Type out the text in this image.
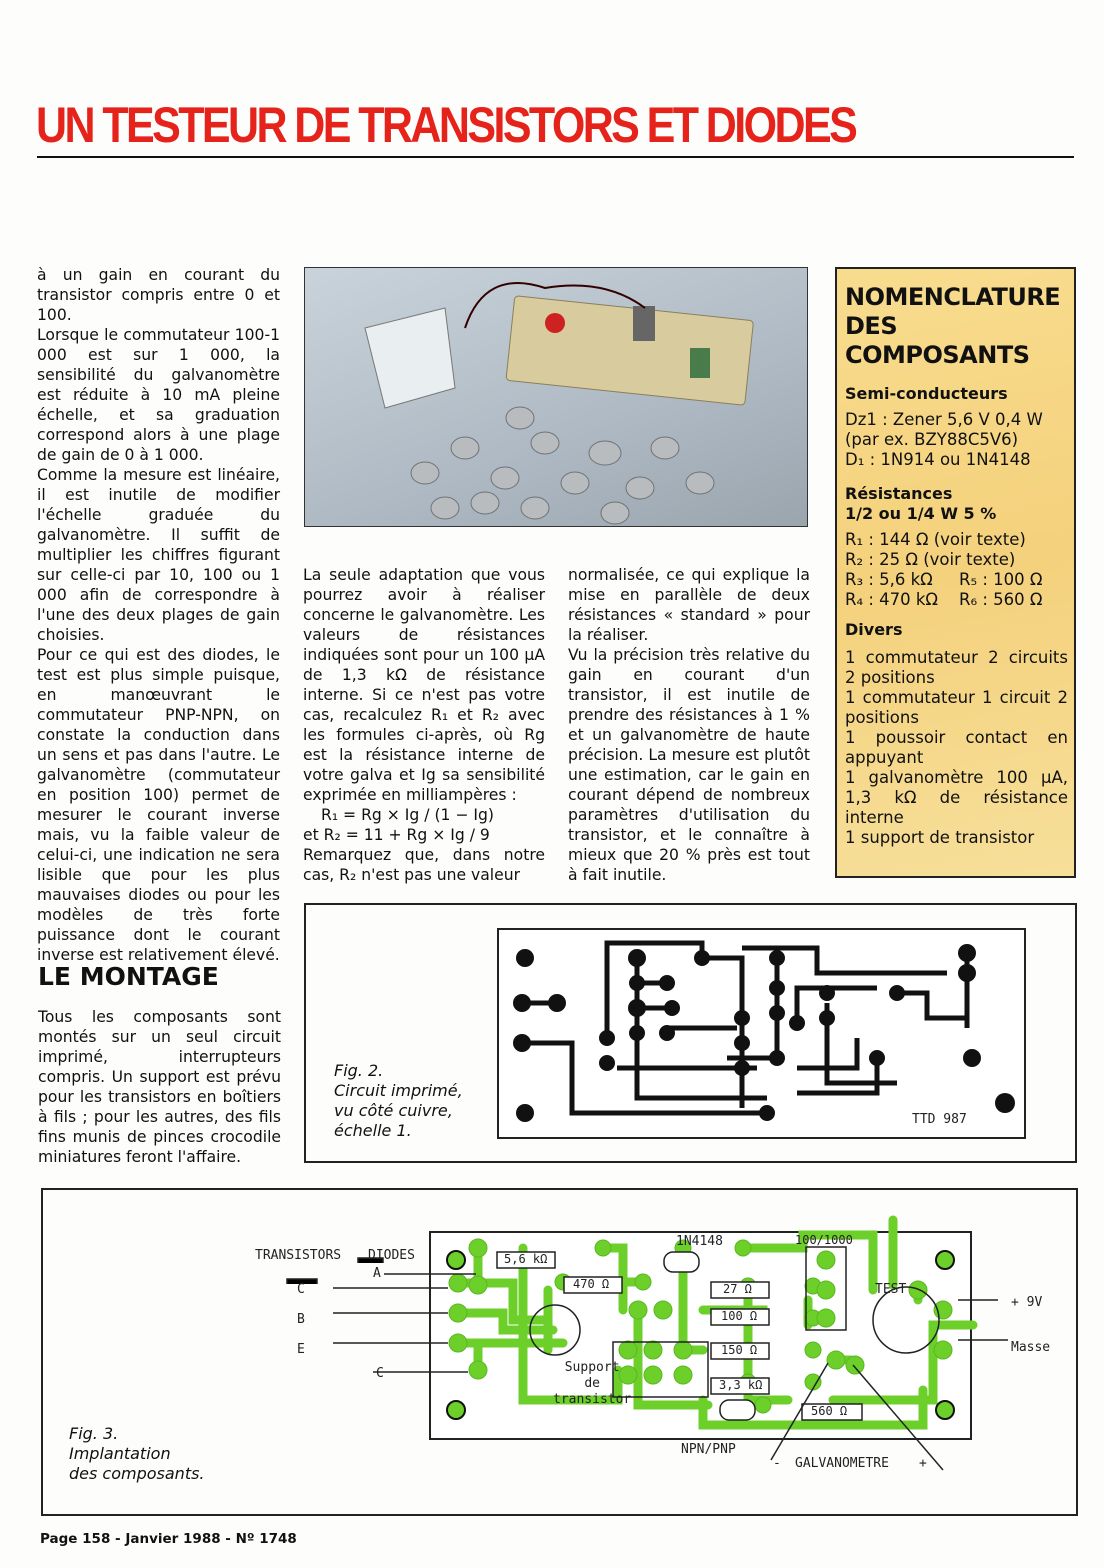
UN TESTEUR DE TRANSISTORS ET DIODES

à un gain en courant du transistor compris entre 0 et 100.

Lorsque le commutateur 100-1 000 est sur 1 000, la sensibilité du galvanomètre est réduite à 10 mA pleine échelle, et sa graduation correspond alors à une plage de gain de 0 à 1 000.

Comme la mesure est linéaire, il est inutile de modifier l'échelle graduée du galvanomètre. Il suffit de multiplier les chiffres figurant sur celle-ci par 10, 100 ou 1 000 afin de correspondre à l'une des deux plages de gain choisies.

Pour ce qui est des diodes, le test est plus simple puisque, en manœuvrant le commutateur PNP-NPN, on constate la conduction dans un sens et pas dans l'autre. Le galvanomètre (commutateur en position 100) permet de mesurer le courant inverse mais, vu la faible valeur de celui-ci, une indication ne sera lisible que pour les plus mauvaises diodes ou pour les modèles de très forte puissance dont le courant inverse est relativement élevé.

LE MONTAGE

Tous les composants sont montés sur un seul circuit imprimé, interrupteurs compris. Un support est prévu pour les transistors en boîtiers à fils ; pour les autres, des fils fins munis de pinces crocodile miniatures feront l'affaire.

La seule adaptation que vous pourrez avoir à réaliser concerne le galvanomètre. Les valeurs de résistances indiquées sont pour un 100 µA de 1,3 kΩ de résistance interne. Si ce n'est pas votre cas, recalculez R₁ et R₂ avec les formules ci-après, où Rg est la résistance interne de votre galva et Ig sa sensibilité exprimée en milliampères :

R₁ = Rg × Ig / (1 − Ig)

et R₂ = 11 + Rg × Ig / 9

Remarquez que, dans notre cas, R₂ n'est pas une valeur

normalisée, ce qui explique la mise en parallèle de deux résistances « standard » pour la réaliser.

Vu la précision très relative du gain en courant d'un transistor, il est inutile de prendre des résistances à 1 % et un galvanomètre de haute précision. La mesure est plutôt une estimation, car le gain en courant dépend de nombreux paramètres d'utilisation du transistor, et le connaître à mieux que 20 % près est tout à fait inutile.

NOMENCLATURE
DES
COMPOSANTS
Semi-conducteurs
Dz1 : Zener 5,6 V 0,4 W
(par ex. BZY88C5V6)
D₁ : 1N914 ou 1N4148
Résistances
1/2 ou 1/4 W 5 %
R₁ : 144 Ω (voir texte)
R₂ : 25 Ω (voir texte)
R₃ : 5,6 kΩ R₅ : 100 Ω
R₄ : 470 kΩ R₆ : 560 Ω
Divers
1 commutateur 2 circuits 2 positions
1 commutateur 1 circuit 2 positions
1 poussoir contact en appuyant
1 galvanomètre 100 µA, 1,3 kΩ de résistance interne
1 support de transistor
Fig. 2.
Circuit imprimé,
vu côté cuivre,
échelle 1.
TTD 987
Fig. 3.
Implantation
des composants.
TRANSISTORS DIODES
A
C
B
E
C
5,6 kΩ
470 Ω
1N4148	100/1000
27 Ω
100 Ω
150 Ω
3,3 kΩ
560 Ω
TEST
+ 9V
Masse
Support
de
transistor
NPN/PNP
- GALVANOMETRE +
Page 158 - Janvier 1988 - Nº 1748
